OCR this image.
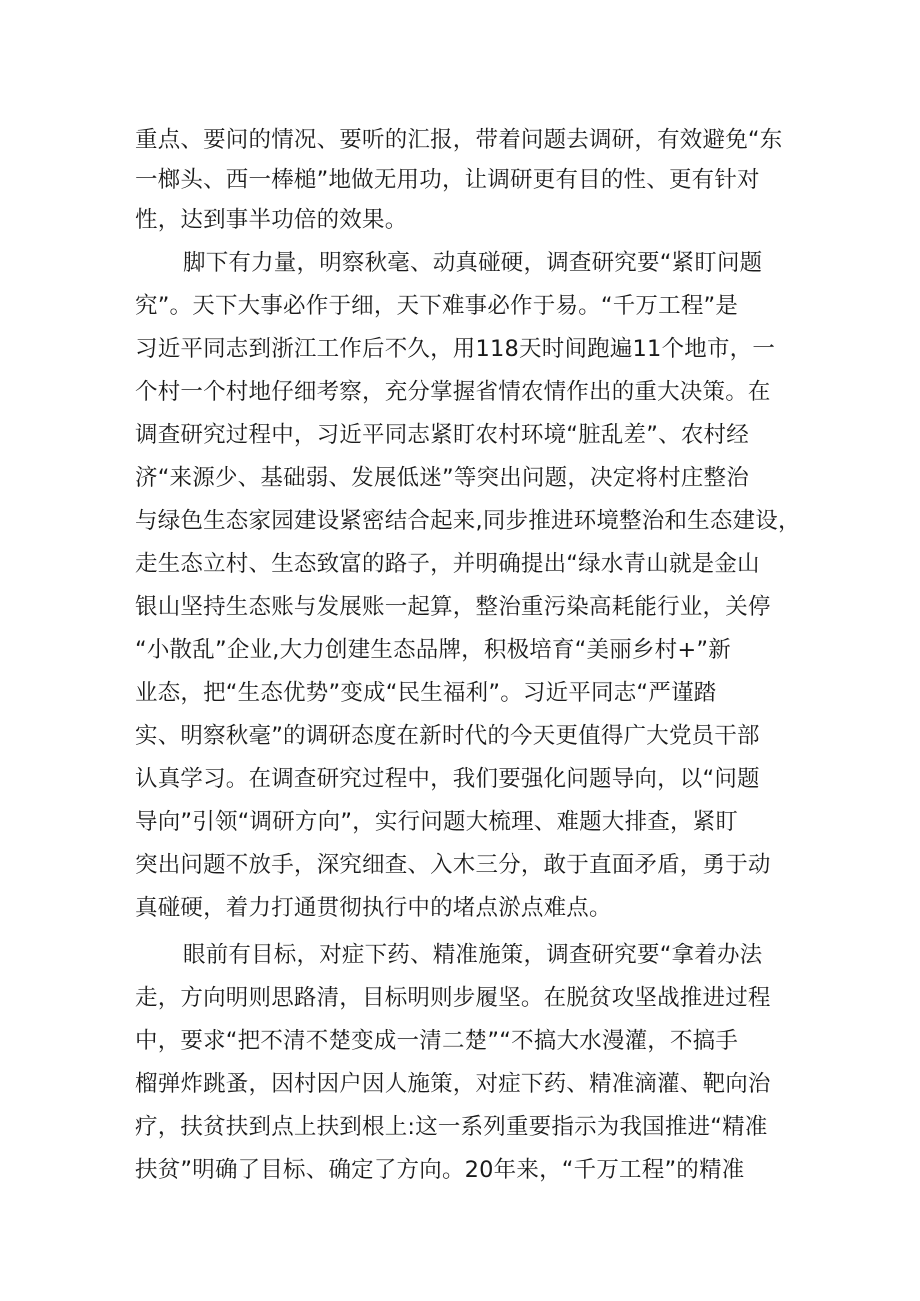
重点、要问的情况、要听的汇报，带着问题去调研，有效避免“东
一榔头、西一棒槌”地做无用功，让调研更有目的性、更有针对
性，达到事半功倍的效果。
脚下有力量，明察秋毫、动真碰硬，调查研究要“紧盯问题
究”。天下大事必作于细，天下难事必作于易。“千万工程”是
习近平同志到浙江工作后不久，用118天时间跑遍11个地市，一
个村一个村地仔细考察，充分掌握省情农情作出的重大决策。在
调查研究过程中，习近平同志紧盯农村环境“脏乱差”、农村经
济“来源少、基础弱、发展低迷”等突出问题，决定将村庄整治
与绿色生态家园建设紧密结合起来,同步推进环境整治和生态建设，
走生态立村、生态致富的路子，并明确提出“绿水青山就是金山
银山坚持生态账与发展账一起算，整治重污染高耗能行业，关停
“小散乱”企业,大力创建生态品牌，积极培育“美丽乡村+”新
业态，把“生态优势”变成“民生福利”。习近平同志“严谨踏
实、明察秋毫”的调研态度在新时代的今天更值得广大党员干部
认真学习。在调查研究过程中，我们要强化问题导向，以“问题
导向”引领“调研方向”，实行问题大梳理、难题大排查，紧盯
突出问题不放手，深究细查、入木三分，敢于直面矛盾，勇于动
真碰硬，着力打通贯彻执行中的堵点淤点难点。
眼前有目标，对症下药、精准施策，调查研究要“拿着办法
走，方向明则思路清，目标明则步履坚。在脱贫攻坚战推进过程
中，要求“把不清不楚变成一清二楚”“不搞大水漫灌，不搞手
榴弹炸跳蚤，因村因户因人施策，对症下药、精准滴灌、靶向治
疗，扶贫扶到点上扶到根上:这一系列重要指示为我国推进“精准
扶贫”明确了目标、确定了方向。20年来，“千万工程”的精准
